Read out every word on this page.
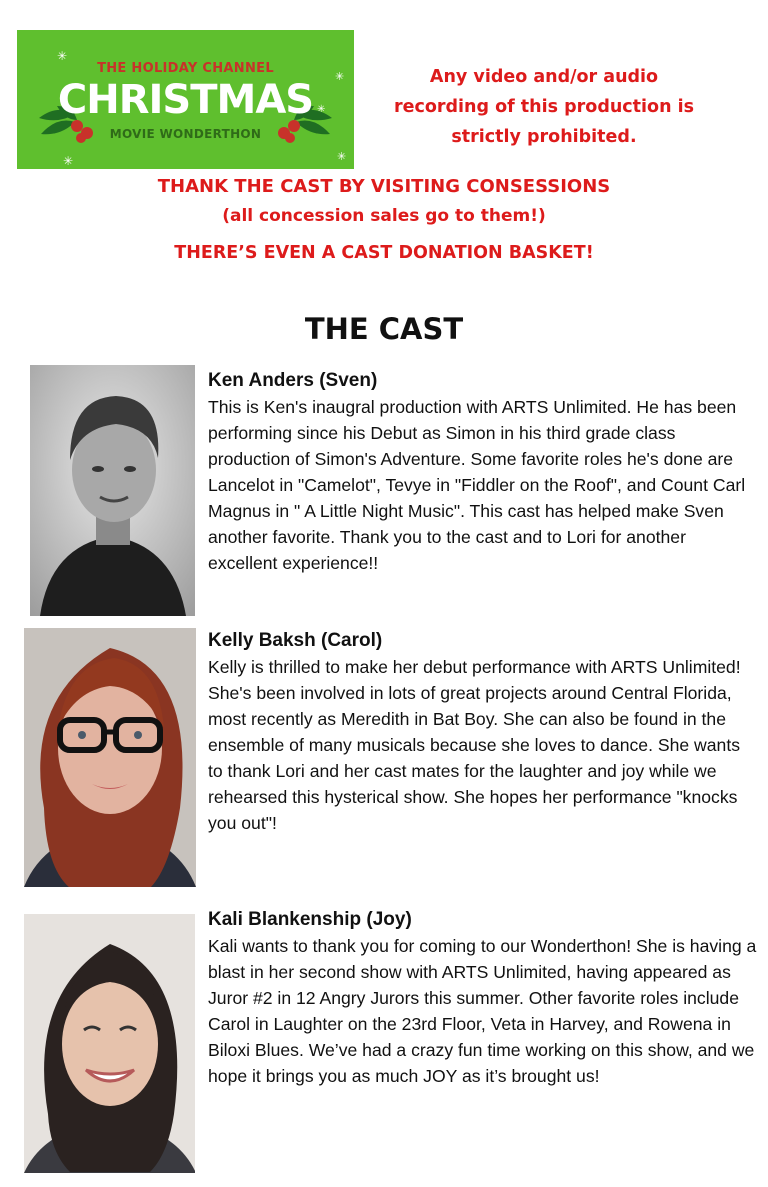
✳
✳
✳
✳
✳
THE HOLIDAY CHANNEL
CHRISTMAS
MOVIE WONDERTHON
Any video and/or audio
recording of this production is
strictly prohibited.
THANK THE CAST BY VISITING CONSESSIONS
(all concession sales go to them!)
THERE’S EVEN A CAST DONATION BASKET!
THE CAST
Ken Anders (Sven)
This is Ken's inaugral production with ARTS Unlimited. He has been performing since his Debut as Simon in his third grade class production of Simon's Adventure. Some favorite roles he's done are Lancelot in "Camelot", Tevye in "Fiddler on the Roof", and Count Carl Magnus in " A Little Night Music". This cast has helped make Sven another favorite. Thank you to the cast and to Lori for another excellent experience!!
Kelly Baksh (Carol)
Kelly is thrilled to make her debut performance with ARTS Unlimited! She's been involved in lots of great projects around Central Florida, most recently as Meredith in Bat Boy. She can also be found in the ensemble of many musicals because she loves to dance. She wants to thank Lori and her cast mates for the laughter and joy while we rehearsed this hysterical show. She hopes her performance "knocks you out"!
Kali Blankenship (Joy)
Kali wants to thank you for coming to our Wonderthon! She is having a blast in her second show with ARTS Unlimited, having appeared as Juror #2 in 12 Angry Jurors this summer. Other favorite roles include Carol in Laughter on the 23rd Floor, Veta in Harvey, and Rowena in Biloxi Blues. We’ve had a crazy fun time working on this show, and we hope it brings you as much JOY as it’s brought us!
